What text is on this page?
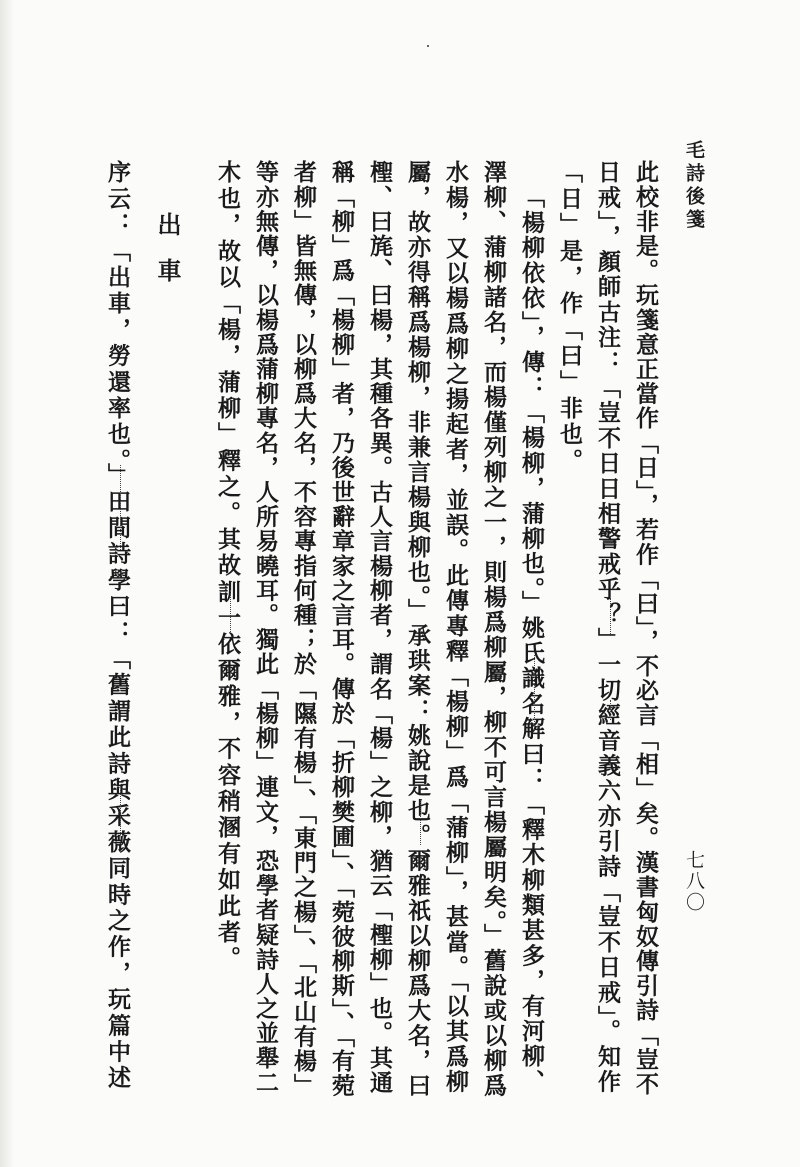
毛詩後箋
七八〇
此校非是。玩箋意正當作「日」，若作「曰」，不必言「相」矣。漢書匈奴傳引詩「豈不
日戒」，顏師古注：「豈不日日相警戒乎？」一切經音義六亦引詩「豈不日戒」。知作
「日」是，作「曰」非也。
「楊柳依依」，傳：「楊柳，蒲柳也。」姚氏識名解曰：「釋木柳類甚多，有河柳、
澤柳、蒲柳諸名，而楊僅列柳之一，則楊爲柳屬，柳不可言楊屬明矣。」舊說或以柳爲
水楊，又以楊爲柳之揚起者，並誤。此傳專釋「楊柳」爲「蒲柳」，甚當。「以其爲柳
屬，故亦得稱爲楊柳，非兼言楊與柳也。」承珙案：姚說是也。爾雅祇以柳爲大名，曰
檉、曰旄、曰楊，其種各異。古人言楊柳者，謂名「楊」之柳，猶云「檉柳」也。其通
稱「柳」爲「楊柳」者，乃後世辭章家之言耳。傳於「折柳樊圃」、「菀彼柳斯」、「有菀
者柳」皆無傳，以柳爲大名，不容專指何種；於「隰有楊」、「東門之楊」、「北山有楊」
等亦無傳，以楊爲蒲柳專名，人所易曉耳。獨此「楊柳」連文，恐學者疑詩人之並舉二
木也，故以「楊，蒲柳」釋之。其故訓一依爾雅，不容稍溷有如此者。
出車
序云：「出車，勞還率也。」田間詩學曰：「舊謂此詩與采薇同時之作，玩篇中述
